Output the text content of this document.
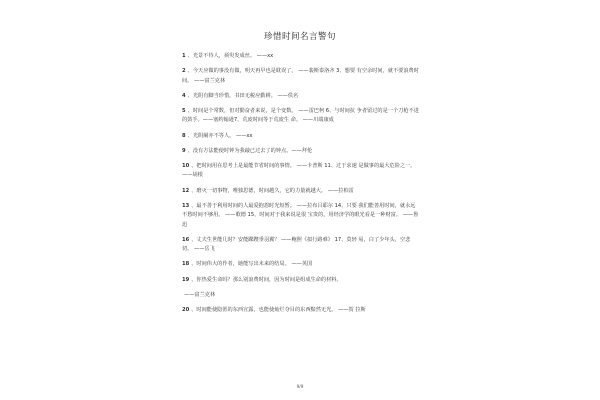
珍惜时间名言警句

1 、光景不待人，须臾发成丝。 ——xx

2 、今天应做的事没有做，明天再早也是耽误了。 ——裴斯泰洛齐 3、想要 有空余时间，就不要浪费时间。 ——富兰克林

4 、光阴有脚当珍惜，书田无税应勤耕。 ——佚名

5 、时间是个常数，但对勤奋者来说，是个变数。 ——雷巴柯 6、与时间抗 争者留过的是一个刀枪不进的鼓手。——塞约翰逊7、荒废时间等于荒废生 命。 ——川端康成

8 、光阴阑亦不等人。 ——xx

9 、没有方法能使时钟为我敲已过去了的钟点。——拜伦

10 、把时间用在思考上是最能节省时间的事情。 ——卡普斯 11、过于求速 是做事的最大危险之一。 ——胡根

12 、磨灭一切事物，唯独思德，时间越久，它的力量就越大。 ——拉柏雷

13 、最不善于利用时间的人最爱抱怨时光短暂。 ——拉布吕耶尔 14、只要 我们能善用时间，就永远不愁时间不够用。 ——歌德 15、时间对于我来说是很 宝贵的，用经济学的眼光看是一种财富。 ——鲁迅

16 、丈夫生世能几时？安能蹀躞垂羽翼？ ——鲍照《拟行路难》 17、莫轻 易，白了少年头，空悲切。 ——岳飞

18 、时间伟大的作者，她能写出未来的结局。 ——英国

19 、你热爱生命吗？那么别浪费时间，因为时间是组成生命的材料。

——富兰克林

20 、时间能使隐匿的东西宣露，也能使灿烂夺目的东西黯然无光。 ——贺 拉斯

9/9
